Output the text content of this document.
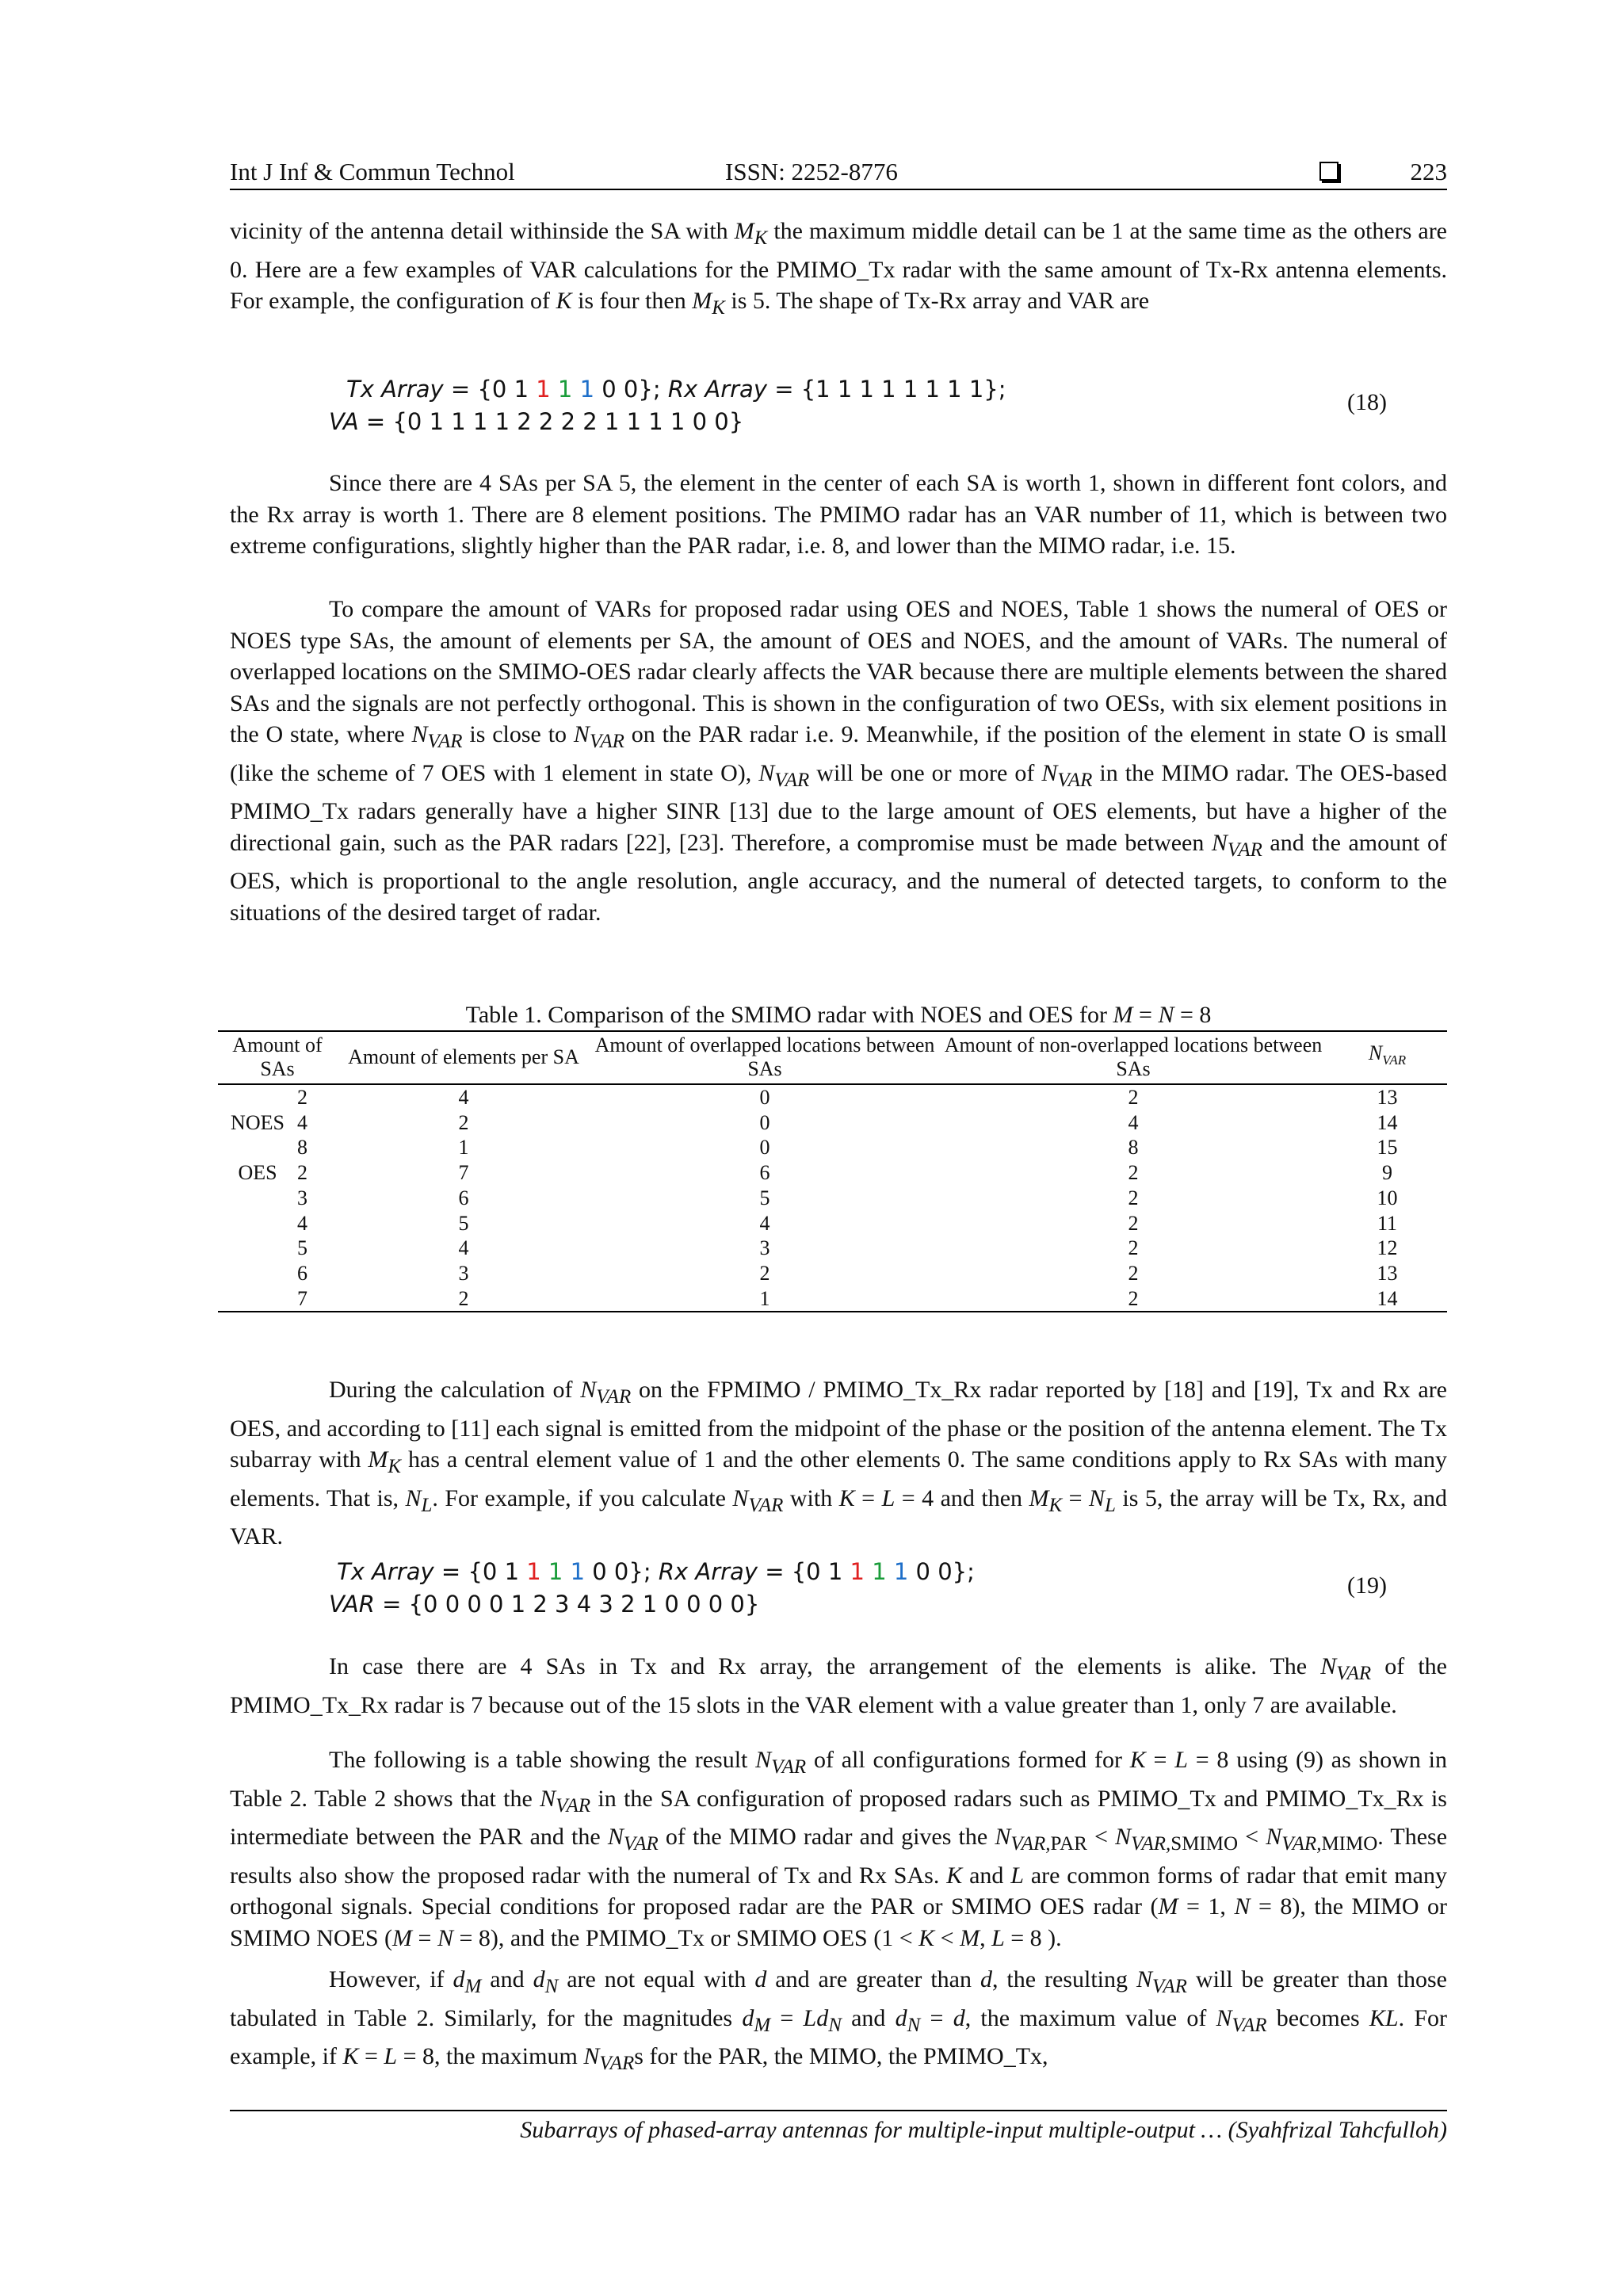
Int J Inf & Commun Technol	ISSN: 2252-8776	223

vicinity of the antenna detail withinside the SA with $M_K$ the maximum middle detail can be 1 at the same time as the others are 0. Here are a few examples of VAR calculations for the PMIMO_Tx radar with the same amount of Tx-Rx antenna elements. For example, the configuration of K is four then $M_K$ is 5. The shape of Tx-Rx array and VAR are

Tx Array = {0 1 1 1 1 0 0}; Rx Array = {1 1 1 1 1 1 1 1};
VA = {0 1 1 1 1 2 2 2 2 1 1 1 1 0 0}
(18)

Since there are 4 SAs per SA 5, the element in the center of each SA is worth 1, shown in different font colors, and the Rx array is worth 1. There are 8 element positions. The PMIMO radar has an VAR number of 11, which is between two extreme configurations, slightly higher than the PAR radar, i.e. 8, and lower than the MIMO radar, i.e. 15.

To compare the amount of VARs for proposed radar using OES and NOES, Table 1 shows the numeral of OES or NOES type SAs, the amount of elements per SA, the amount of OES and NOES, and the amount of VARs. The numeral of overlapped locations on the SMIMO-OES radar clearly affects the VAR because there are multiple elements between the shared SAs and the signals are not perfectly orthogonal. This is shown in the configuration of two OESs, with six element positions in the O state, where $N_{VAR}$ is close to $N_{VAR}$ on the PAR radar i.e. 9. Meanwhile, if the position of the element in state O is small (like the scheme of 7 OES with 1 element in state O), $N_{VAR}$ will be one or more of $N_{VAR}$ in the MIMO radar. The OES-based PMIMO_Tx radars generally have a higher SINR [13] due to the large amount of OES elements, but have a higher of the directional gain, such as the PAR radars [22], [23]. Therefore, a compromise must be made between $N_{VAR}$ and the amount of OES, which is proportional to the angle resolution, angle accuracy, and the numeral of detected targets, to conform to the situations of the desired target of radar.

Table 1. Comparison of the SMIMO radar with NOES and OES for M = N = 8
Amount of SAs		Amount of elements per SA	Amount of overlapped locations between SAs	Amount of non-overlapped locations between SAs	$N_{VAR}$
	2	4	0	2	13
NOES	4	2	0	4	14
	8	1	0	8	15
OES	2	7	6	2	9
	3	6	5	2	10
	4	5	4	2	11
	5	4	3	2	12
	6	3	2	2	13
	7	2	1	2	14

During the calculation of $N_{VAR}$ on the FPMIMO / PMIMO_Tx_Rx radar reported by [18] and [19], Tx and Rx are OES, and according to [11] each signal is emitted from the midpoint of the phase or the position of the antenna element. The Tx subarray with $M_K$ has a central element value of 1 and the other elements 0. The same conditions apply to Rx SAs with many elements. That is, $N_L$. For example, if you calculate $N_{VAR}$ with K = L = 4 and then $M_K = N_L$ is 5, the array will be Tx, Rx, and VAR.

Tx Array = {0 1 1 1 1 0 0}; Rx Array = {0 1 1 1 1 0 0};
VAR = {0 0 0 0 1 2 3 4 3 2 1 0 0 0 0}
(19)

In case there are 4 SAs in Tx and Rx array, the arrangement of the elements is alike. The $N_{VAR}$ of the PMIMO_Tx_Rx radar is 7 because out of the 15 slots in the VAR element with a value greater than 1, only 7 are available.

The following is a table showing the result $N_{VAR}$ of all configurations formed for K = L = 8 using (9) as shown in Table 2. Table 2 shows that the $N_{VAR}$ in the SA configuration of proposed radars such as PMIMO_Tx and PMIMO_Tx_Rx is intermediate between the PAR and the $N_{VAR}$ of the MIMO radar and gives the $N_{VAR,PAR} < N_{VAR,SMIMO} < N_{VAR,MIMO}$. These results also show the proposed radar with the numeral of Tx and Rx SAs. K and L are common forms of radar that emit many orthogonal signals. Special conditions for proposed radar are the PAR or SMIMO OES radar (M = 1, N = 8), the MIMO or SMIMO NOES (M = N = 8), and the PMIMO_Tx or SMIMO OES (1 < K < M, L = 8 ).

However, if $d_M$ and $d_N$ are not equal with d and are greater than d, the resulting $N_{VAR}$ will be greater than those tabulated in Table 2. Similarly, for the magnitudes $d_M = Ld_N$ and $d_N = d$, the maximum value of $N_{VAR}$ becomes KL. For example, if K = L = 8, the maximum $N_{VAR}s$ for the PAR, the MIMO, the PMIMO_Tx,

Subarrays of phased-array antennas for multiple-input multiple-output … (Syahfrizal Tahcfulloh)
